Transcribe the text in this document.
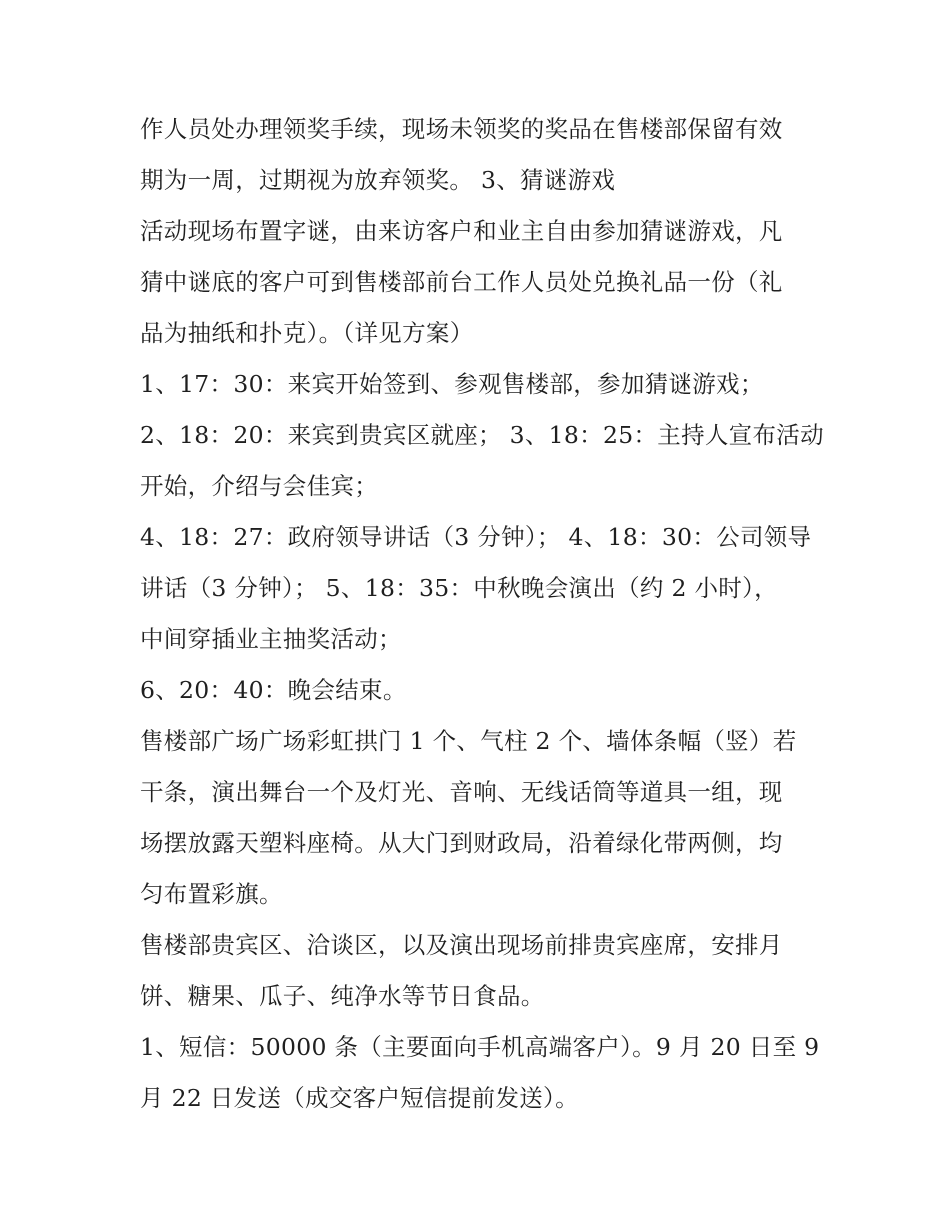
作人员处办理领奖手续，现场未领奖的奖品在售楼部保留有效
期为一周，过期视为放弃领奖。 3、猜谜游戏
活动现场布置字谜，由来访客户和业主自由参加猜谜游戏，凡
猜中谜底的客户可到售楼部前台工作人员处兑换礼品一份（礼
品为抽纸和扑克）。（详见方案）
1、17：30：来宾开始签到、参观售楼部，参加猜谜游戏；
2、18：20：来宾到贵宾区就座； 3、18：25：主持人宣布活动
开始，介绍与会佳宾；
4、18：27：政府领导讲话（3 分钟）； 4、18：30：公司领导
讲话（3 分钟）； 5、18：35：中秋晚会演出（约 2 小时），
中间穿插业主抽奖活动；
6、20：40：晚会结束。
售楼部广场广场彩虹拱门 1 个、气柱 2 个、墙体条幅（竖）若
干条，演出舞台一个及灯光、音响、无线话筒等道具一组，现
场摆放露天塑料座椅。从大门到财政局，沿着绿化带两侧，均
匀布置彩旗。
售楼部贵宾区、洽谈区，以及演出现场前排贵宾座席，安排月
饼、糖果、瓜子、纯净水等节日食品。
1、短信：50000 条（主要面向手机高端客户）。9 月 20 日至 9
月 22 日发送（成交客户短信提前发送）。
